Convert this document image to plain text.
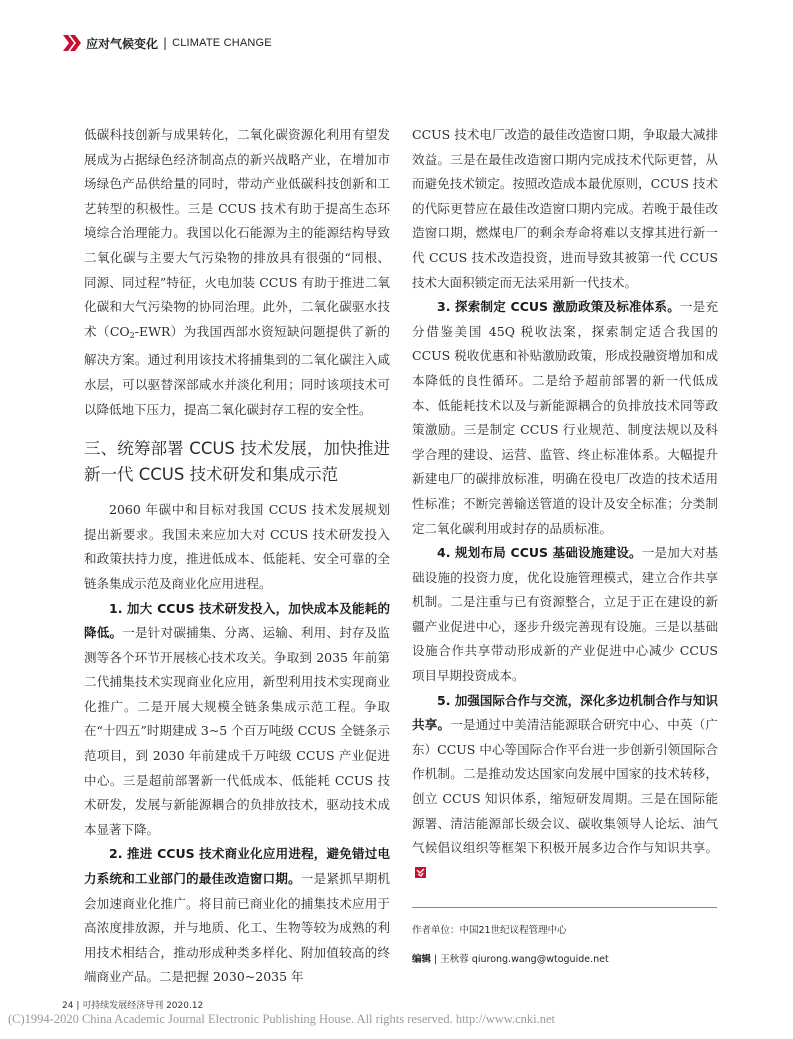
应对气候变化 | CLIMATE CHANGE

低碳科技创新与成果转化，二氧化碳资源化利用有望发展成为占据绿色经济制高点的新兴战略产业，在增加市场绿色产品供给量的同时，带动产业低碳科技创新和工艺转型的积极性。三是 CCUS 技术有助于提高生态环境综合治理能力。我国以化石能源为主的能源结构导致二氧化碳与主要大气污染物的排放具有很强的“同根、同源、同过程”特征，火电加装 CCUS 有助于推进二氧化碳和大气污染物的协同治理。此外，二氧化碳驱水技术$(CO_2-EWR)$为我国西部水资短缺问题提供了新的解决方案。通过利用该技术将捕集到的二氧化碳注入咸水层，可以驱替深部咸水并淡化利用；同时该项技术可以降低地下压力，提高二氧化碳封存工程的安全性。

三、统筹部署 CCUS 技术发展，加快推进新一代 CCUS 技术研发和集成示范

2060 年碳中和目标对我国 CCUS 技术发展规划提出新要求。我国未来应加大对 CCUS 技术研发投入和政策扶持力度，推进低成本、低能耗、安全可靠的全链条集成示范及商业化应用进程。

1. 加大 CCUS 技术研发投入，加快成本及能耗的降低。一是针对碳捕集、分离、运输、利用、封存及监测等各个环节开展核心技术攻关。争取到 2035 年前第二代捕集技术实现商业化应用，新型利用技术实现商业化推广。二是开展大规模全链条集成示范工程。争取在“十四五”时期建成 3~5 个百万吨级 CCUS 全链条示范项目，到 2030 年前建成千万吨级 CCUS 产业促进中心。三是超前部署新一代低成本、低能耗 CCUS 技术研发，发展与新能源耦合的负排放技术，驱动技术成本显著下降。

2. 推进 CCUS 技术商业化应用进程，避免错过电力系统和工业部门的最佳改造窗口期。一是紧抓早期机会加速商业化推广。将目前已商业化的捕集技术应用于高浓度排放源，并与地质、化工、生物等较为成熟的利用技术相结合，推动形成种类多样化、附加值较高的终端商业产品。二是把握 2030~2035 年

CCUS 技术电厂改造的最佳改造窗口期，争取最大减排效益。三是在最佳改造窗口期内完成技术代际更替，从而避免技术锁定。按照改造成本最优原则，CCUS 技术的代际更替应在最佳改造窗口期内完成。若晚于最佳改造窗口期，燃煤电厂的剩余寿命将难以支撑其进行新一代 CCUS 技术改造投资，进而导致其被第一代 CCUS 技术大面积锁定而无法采用新一代技术。

3. 探索制定 CCUS 激励政策及标准体系。一是充分借鉴美国 45Q 税收法案，探索制定适合我国的 CCUS 税收优惠和补贴激励政策，形成投融资增加和成本降低的良性循环。二是给予超前部署的新一代低成本、低能耗技术以及与新能源耦合的负排放技术同等政策激励。三是制定 CCUS 行业规范、制度法规以及科学合理的建设、运营、监管、终止标准体系。大幅提升新建电厂的碳排放标准，明确在役电厂改造的技术适用性标准；不断完善输送管道的设计及安全标准；分类制定二氧化碳利用或封存的品质标准。

4. 规划布局 CCUS 基础设施建设。一是加大对基础设施的投资力度，优化设施管理模式，建立合作共享机制。二是注重与已有资源整合，立足于正在建设的新疆产业促进中心，逐步升级完善现有设施。三是以基础设施合作共享带动形成新的产业促进中心减少 CCUS 项目早期投资成本。

5. 加强国际合作与交流，深化多边机制合作与知识共享。一是通过中美清洁能源联合研究中心、中英（广东）CCUS 中心等国际合作平台进一步创新引领国际合作机制。二是推动发达国家向发展中国家的技术转移，创立 CCUS 知识体系，缩短研发周期。三是在国际能源署、清洁能源部长级会议、碳收集领导人论坛、油气气候倡议组织等框架下积极开展多边合作与知识共享。

作者单位：中国21世纪议程管理中心
编辑 | 王秋蓉 qiurong.wang@wtoguide.net
24 | 可持续发展经济导刊 2020.12
(C)1994-2020 China Academic Journal Electronic Publishing House. All rights reserved. http://www.cnki.net
